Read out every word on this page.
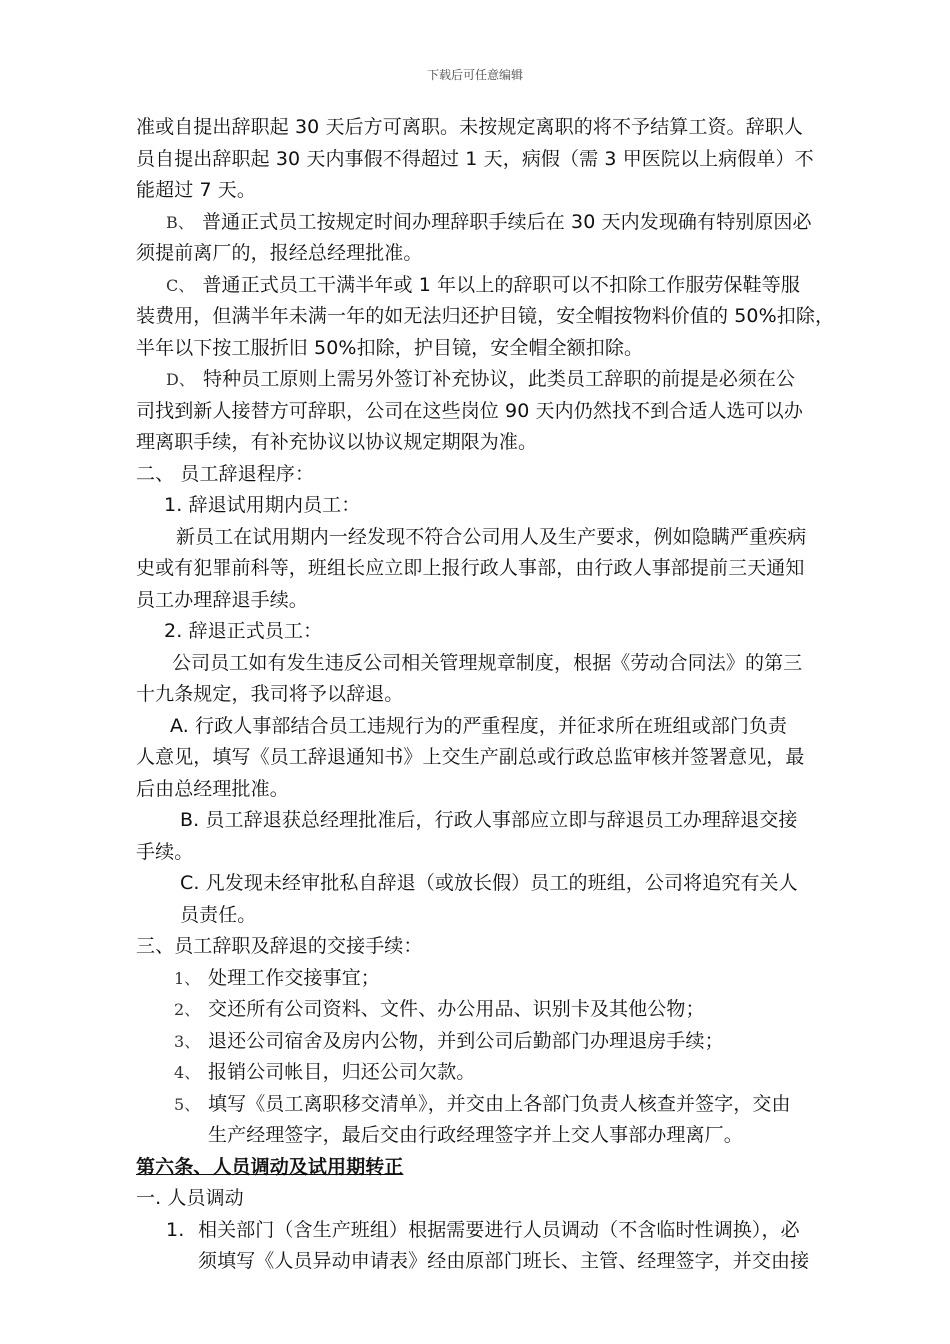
下载后可任意编辑
准或自提出辞职起 30 天后方可离职。未按规定离职的将不予结算工资。辞职人
员自提出辞职起 30 天内事假不得超过 1 天，病假（需 3 甲医院以上病假单）不
能超过 7 天。
B、 普通正式员工按规定时间办理辞职手续后在 30 天内发现确有特别原因必
须提前离厂的，报经总经理批准。
C、 普通正式员工干满半年或 1 年以上的辞职可以不扣除工作服劳保鞋等服
装费用，但满半年未满一年的如无法归还护目镜，安全帽按物料价值的 50%扣除，
半年以下按工服折旧 50%扣除，护目镜，安全帽全额扣除。
D、 特种员工原则上需另外签订补充协议，此类员工辞职的前提是必须在公
司找到新人接替方可辞职，公司在这些岗位 90 天内仍然找不到合适人选可以办
理离职手续，有补充协议以协议规定期限为准。
二、 员工辞退程序：
1. 辞退试用期内员工：
新员工在试用期内一经发现不符合公司用人及生产要求，例如隐瞒严重疾病
史或有犯罪前科等，班组长应立即上报行政人事部，由行政人事部提前三天通知
员工办理辞退手续。
2. 辞退正式员工：
公司员工如有发生违反公司相关管理规章制度，根据《劳动合同法》的第三
十九条规定，我司将予以辞退。
A. 行政人事部结合员工违规行为的严重程度，并征求所在班组或部门负责
人意见，填写《员工辞退通知书》上交生产副总或行政总监审核并签署意见，最
后由总经理批准。
B. 员工辞退获总经理批准后，行政人事部应立即与辞退员工办理辞退交接
手续。
C. 凡发现未经审批私自辞退（或放长假）员工的班组，公司将追究有关人
员责任。
三、员工辞职及辞退的交接手续：
1、 处理工作交接事宜；
2、 交还所有公司资料、文件、办公用品、识别卡及其他公物；
3、 退还公司宿舍及房内公物，并到公司后勤部门办理退房手续；
4、 报销公司帐目，归还公司欠款。
5、 填写《员工离职移交清单》，并交由上各部门负责人核查并签字，交由
生产经理签字，最后交由行政经理签字并上交人事部办理离厂。
第六条、人员调动及试用期转正
一. 人员调动
1. 相关部门（含生产班组）根据需要进行人员调动（不含临时性调换），必
须填写《人员异动申请表》经由原部门班长、主管、经理签字，并交由接
